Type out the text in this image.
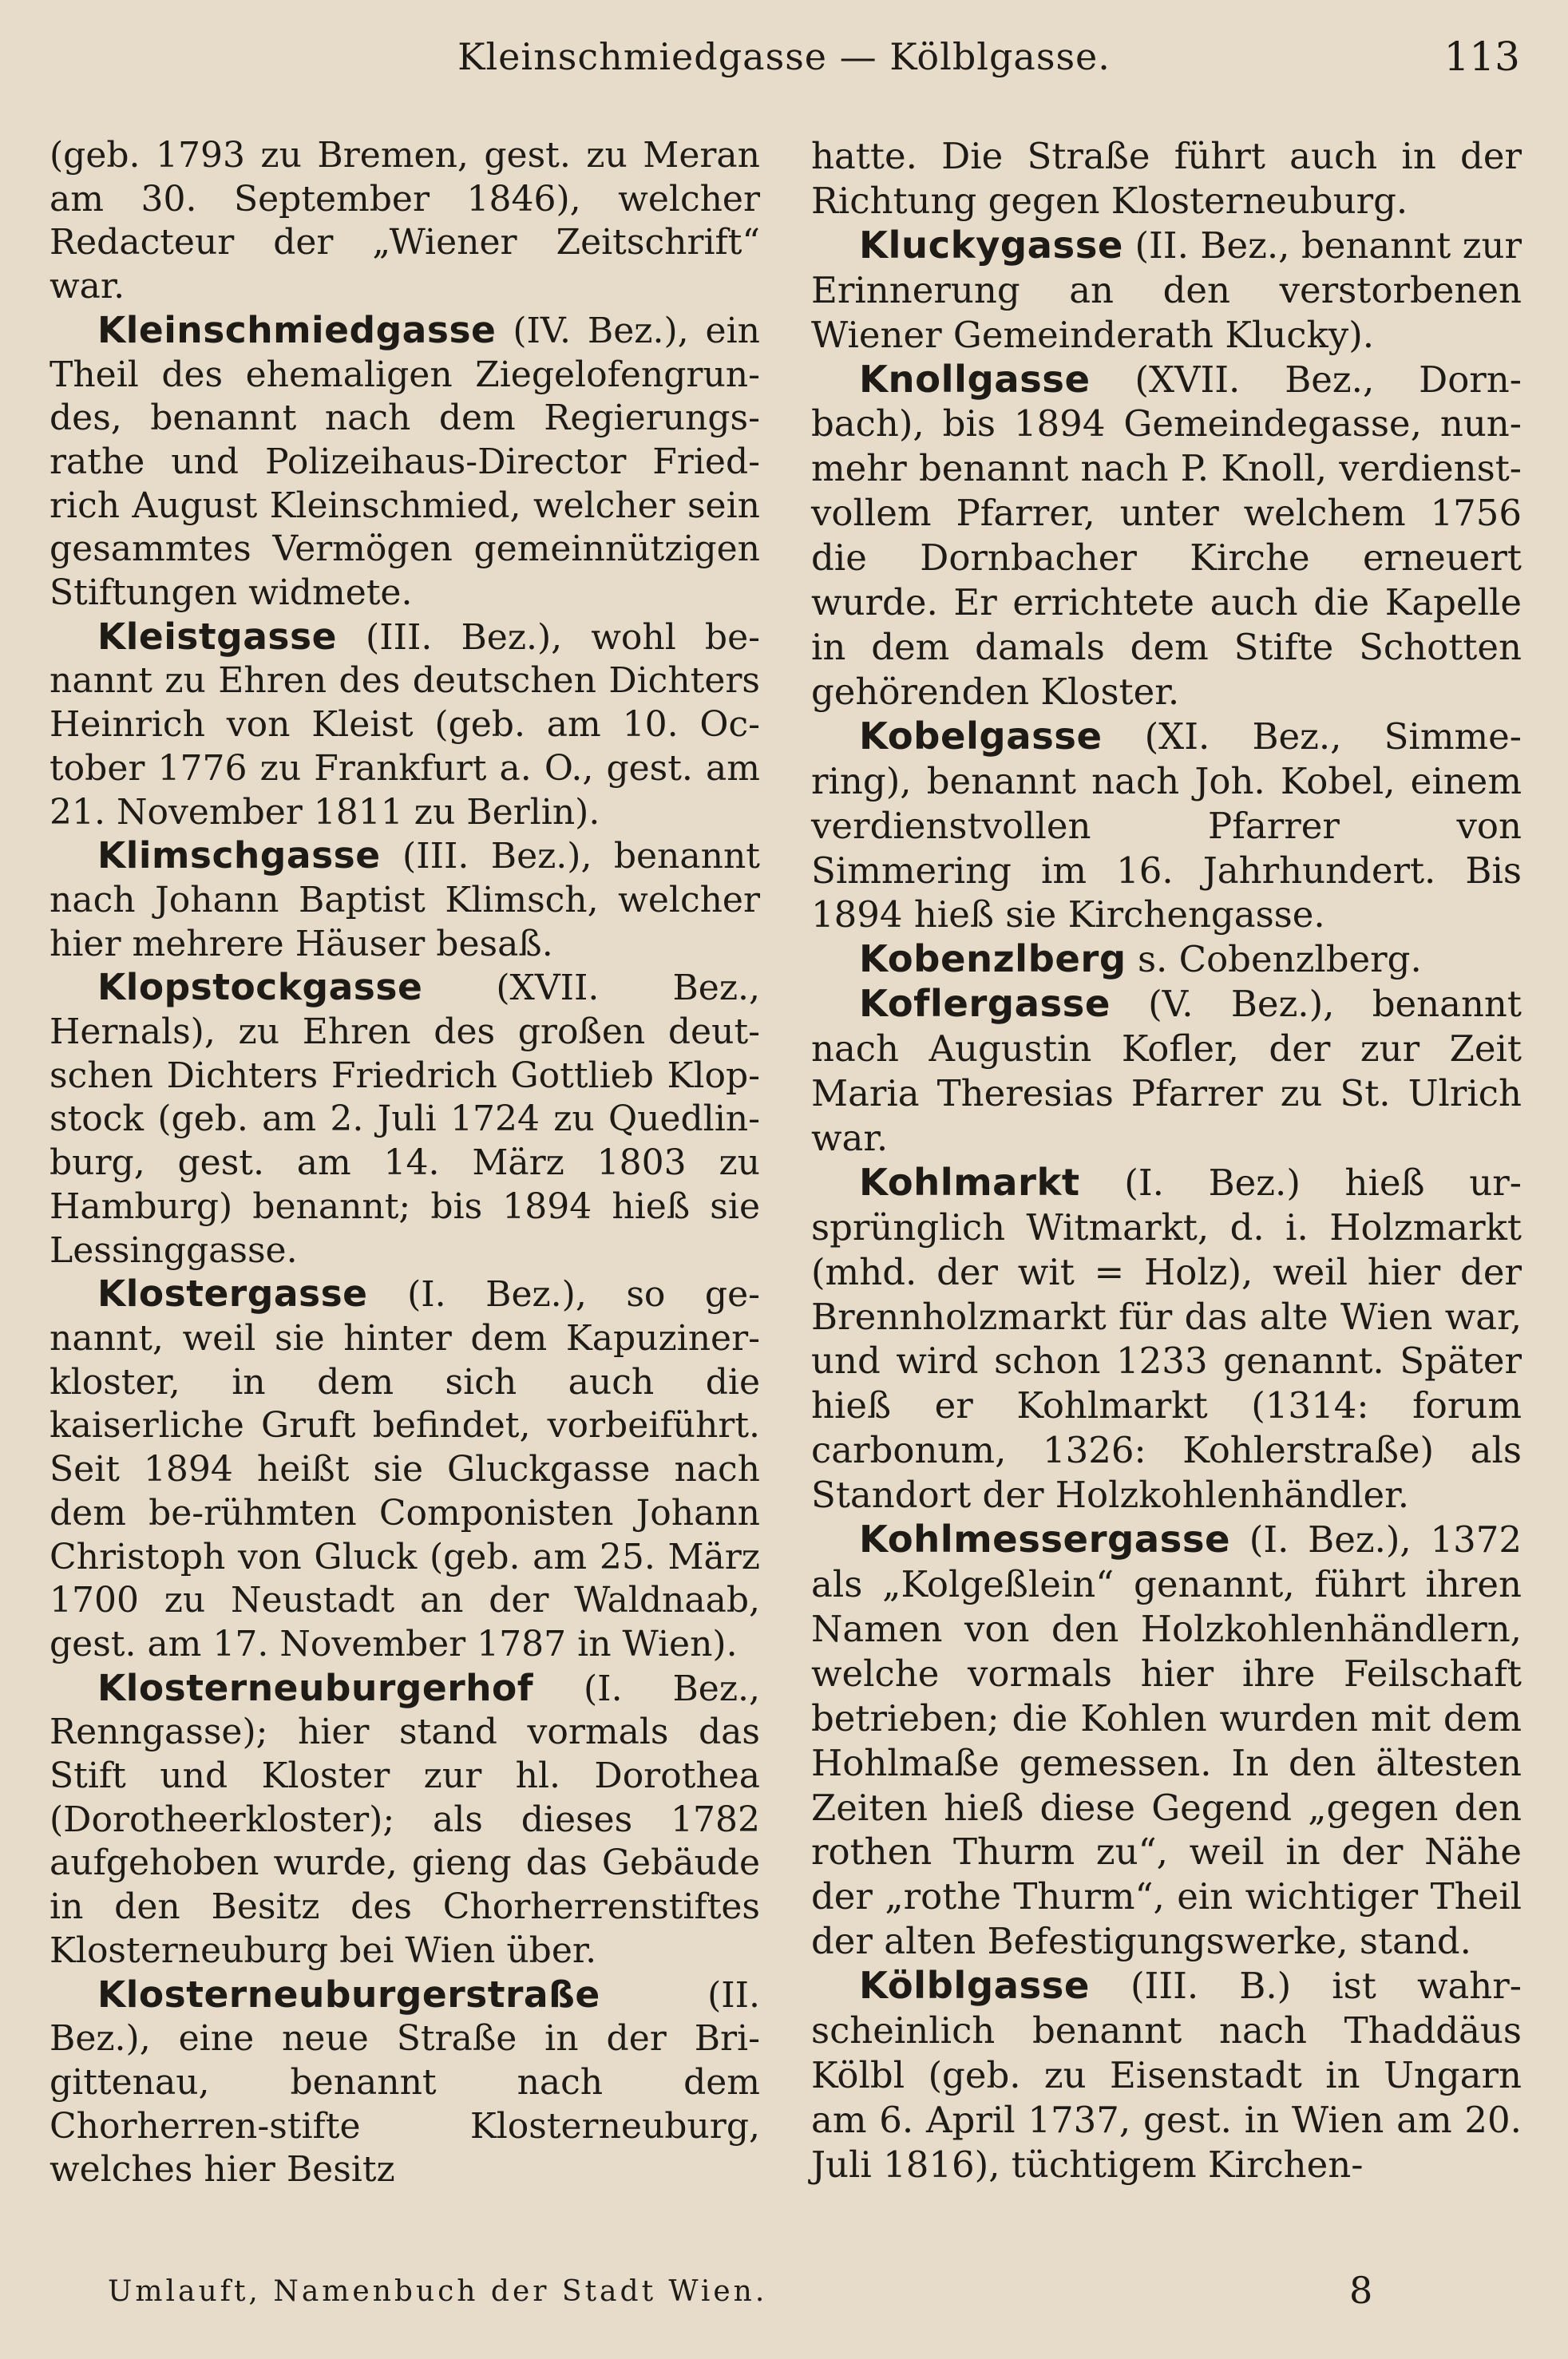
Kleinschmiedgasse — Kölblgasse.	113

(geb. 1793 zu Bremen, gest. zu Meran am 30. September 1846), welcher Redacteur der „Wiener Zeitschrift“ war.

Kleinschmiedgasse (IV. Bez.), ein Theil des ehemaligen Ziegelofengrun-des, benannt nach dem Regierungs-rathe und Polizeihaus-Director Fried-rich August Kleinschmied, welcher sein gesammtes Vermögen gemeinnützigen Stiftungen widmete.

Kleistgasse (III. Bez.), wohl be-nannt zu Ehren des deutschen Dichters Heinrich von Kleist (geb. am 10. Oc-tober 1776 zu Frankfurt a. O., gest. am 21. November 1811 zu Berlin).

Klimschgasse (III. Bez.), benannt nach Johann Baptist Klimsch, welcher hier mehrere Häuser besaß.

Klopstockgasse (XVII. Bez., Hernals), zu Ehren des großen deut-schen Dichters Friedrich Gottlieb Klop-stock (geb. am 2. Juli 1724 zu Quedlin-burg, gest. am 14. März 1803 zu Hamburg) benannt; bis 1894 hieß sie Lessinggasse.

Klostergasse (I. Bez.), so ge-nannt, weil sie hinter dem Kapuziner-kloster, in dem sich auch die kaiserliche Gruft befindet, vorbeiführt. Seit 1894 heißt sie Gluckgasse nach dem be-rühmten Componisten Johann Christoph von Gluck (geb. am 25. März 1700 zu Neustadt an der Waldnaab, gest. am 17. November 1787 in Wien).

Klosterneuburgerhof (I. Bez., Renngasse); hier stand vormals das Stift und Kloster zur hl. Dorothea (Dorotheerkloster); als dieses 1782 aufgehoben wurde, gieng das Gebäude in den Besitz des Chorherrenstiftes Klosterneuburg bei Wien über.

Klosterneuburgerstraße (II. Bez.), eine neue Straße in der Bri-gittenau, benannt nach dem Chorherren-stifte Klosterneuburg, welches hier Besitz

hatte. Die Straße führt auch in der Richtung gegen Klosterneuburg.

Kluckygasse (II. Bez., benannt zur Erinnerung an den verstorbenen Wiener Gemeinderath Klucky).

Knollgasse (XVII. Bez., Dorn-bach), bis 1894 Gemeindegasse, nun-mehr benannt nach P. Knoll, verdienst-vollem Pfarrer, unter welchem 1756 die Dornbacher Kirche erneuert wurde. Er errichtete auch die Kapelle in dem damals dem Stifte Schotten gehörenden Kloster.

Kobelgasse (XI. Bez., Simme-ring), benannt nach Joh. Kobel, einem verdienstvollen Pfarrer von Simmering im 16. Jahrhundert. Bis 1894 hieß sie Kirchengasse.

Kobenzlberg s. Cobenzlberg.

Koflergasse (V. Bez.), benannt nach Augustin Kofler, der zur Zeit Maria Theresias Pfarrer zu St. Ulrich war.

Kohlmarkt (I. Bez.) hieß ur-sprünglich Witmarkt, d. i. Holzmarkt (mhd. der wit = Holz), weil hier der Brennholzmarkt für das alte Wien war, und wird schon 1233 genannt. Später hieß er Kohlmarkt (1314: forum carbonum, 1326: Kohlerstraße) als Standort der Holzkohlenhändler.

Kohlmessergasse (I. Bez.), 1372 als „Kolgeßlein“ genannt, führt ihren Namen von den Holzkohlenhändlern, welche vormals hier ihre Feilschaft betrieben; die Kohlen wurden mit dem Hohlmaße gemessen. In den ältesten Zeiten hieß diese Gegend „gegen den rothen Thurm zu“, weil in der Nähe der „rothe Thurm“, ein wichtiger Theil der alten Befestigungswerke, stand.

Kölblgasse (III. B.) ist wahr-scheinlich benannt nach Thaddäus Kölbl (geb. zu Eisenstadt in Ungarn am 6. April 1737, gest. in Wien am 20. Juli 1816), tüchtigem Kirchen-

Umlauft, Namenbuch der Stadt Wien.	8
